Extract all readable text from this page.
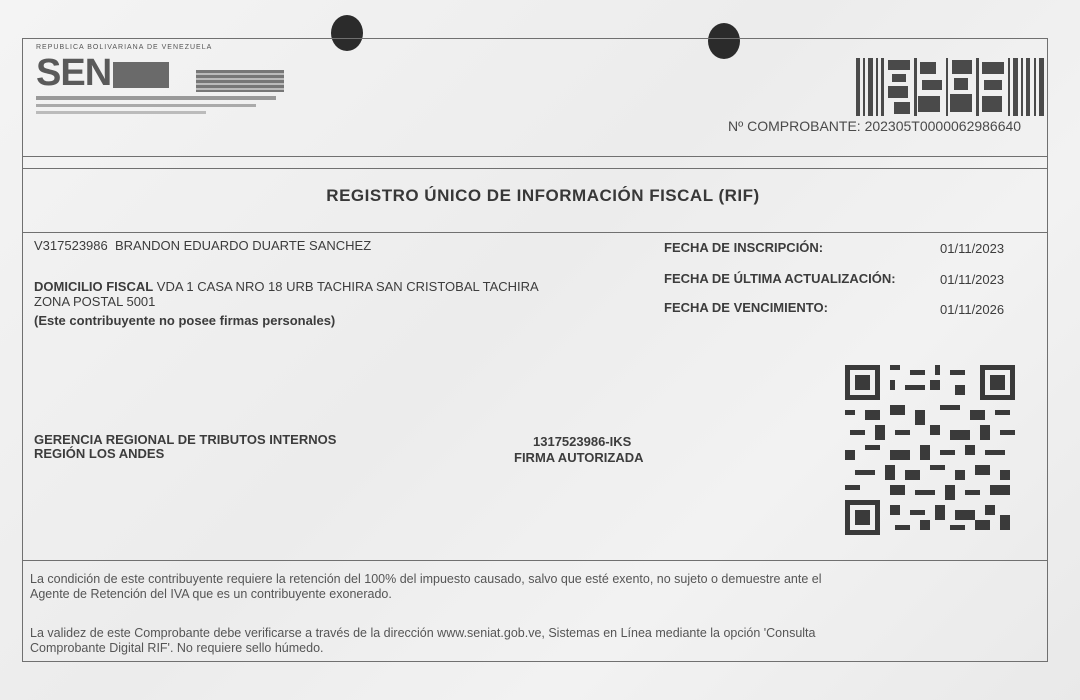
REPUBLICA BOLIVARIANA DE VENEZUELA
SEN
Nº COMPROBANTE: 202305T0000062986640
REGISTRO ÚNICO DE INFORMACIÓN FISCAL (RIF)
V317523986 BRANDON EDUARDO DUARTE SANCHEZ
DOMICILIO FISCAL VDA 1 CASA NRO 18 URB TACHIRA SAN CRISTOBAL TACHIRA
ZONA POSTAL 5001
(Este contribuyente no posee firmas personales)
FECHA DE INSCRIPCIÓN:	01/11/2023
FECHA DE ÚLTIMA ACTUALIZACIÓN:	01/11/2023
FECHA DE VENCIMIENTO:	01/11/2026
GERENCIA REGIONAL DE TRIBUTOS INTERNOS
REGIÓN LOS ANDES
1317523986-IKS
FIRMA AUTORIZADA
La condición de este contribuyente requiere la retención del 100% del impuesto causado, salvo que esté exento, no sujeto o demuestre ante el
Agente de Retención del IVA que es un contribuyente exonerado.
La validez de este Comprobante debe verificarse a través de la dirección www.seniat.gob.ve, Sistemas en Línea mediante la opción 'Consulta
Comprobante Digital RIF'. No requiere sello húmedo.
